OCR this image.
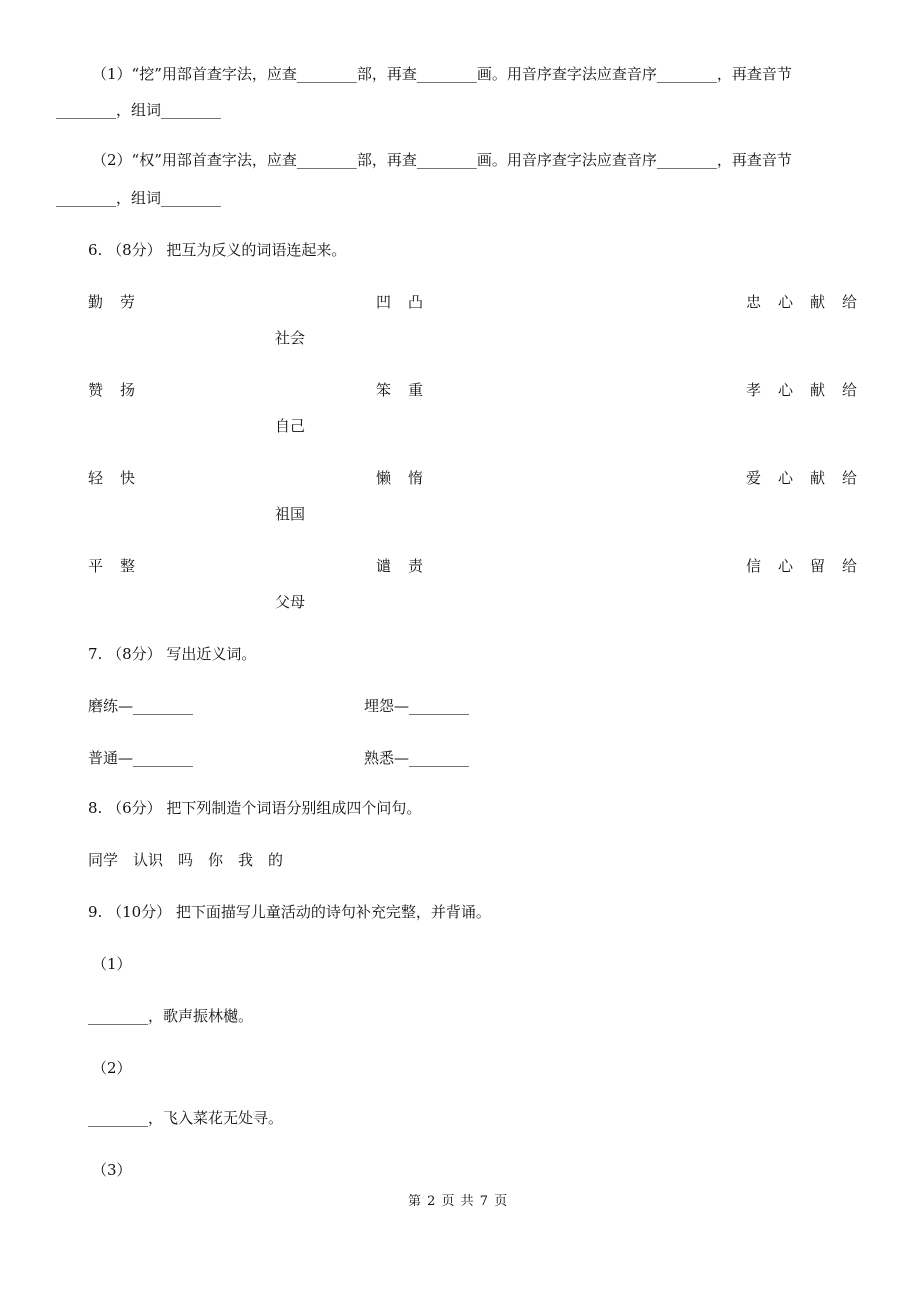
（1）“挖”用部首查字法，应查________部，再查________画。用音序查字法应查音序________，再查音节
________，组词________
（2）“权”用部首查字法，应查________部，再查________画。用音序查字法应查音序________，再查音节
________，组词________
6. （8分） 把互为反义的词语连起来。
勤劳	凹凸	忠心献给
社会
赞扬	笨重	孝心献给
自己
轻快	懒惰	爱心献给
祖国
平整	谴责	信心留给
父母
7. （8分） 写出近义词。
磨练—________	埋怨—________
普通—________	熟悉—________
8. （6分） 把下列制造个词语分别组成四个问句。
同学　认识　吗　你　我　的
9. （10分） 把下面描写儿童活动的诗句补充完整，并背诵。
（1）
________，歌声振林樾。
（2）
________，飞入菜花无处寻。
（3）
第 2 页 共 7 页
